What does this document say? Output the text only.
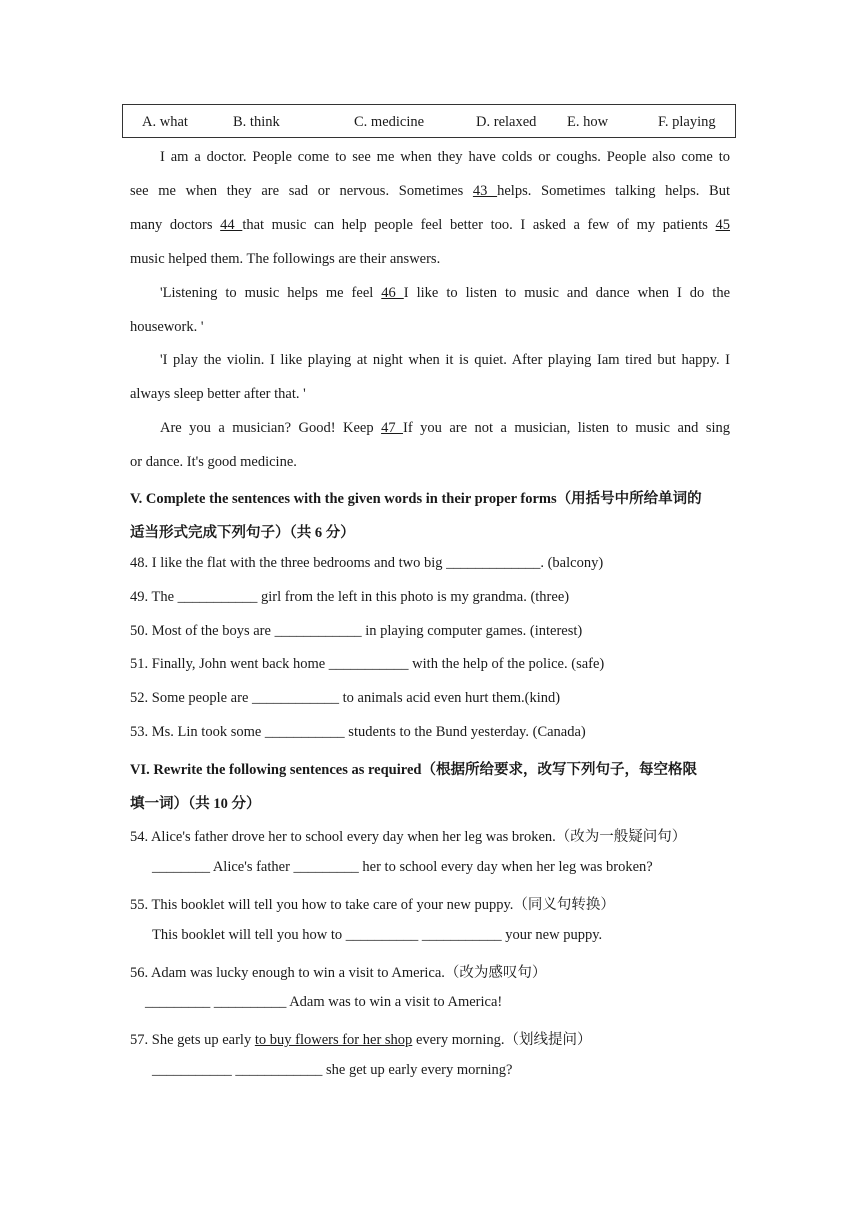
A. what	B. think	C. medicine	D. relaxed E. how	F. playing
I am a doctor. People come to see me when they have colds or coughs. People also come to
see me when they are sad or nervous. Sometimes 43 helps. Sometimes talking helps. But
many doctors 44 that music can help people feel better too. I asked a few of my patients 45
music helped them. The followings are their answers.
'Listening to music helps me feel 46 I like to listen to music and dance when I do the
housework. '
'I play the violin. I like playing at night when it is quiet. After playing Iam tired but happy. I
always sleep better after that. '
Are you a musician? Good! Keep 47 If you are not a musician, listen to music and sing
or dance. It's good medicine.
V. Complete the sentences with the given words in their proper forms（用括号中所给单词的
适当形式完成下列句子）（共 6 分）
48. I like the flat with the three bedrooms and two big _____________. (balcony)
49. The ___________ girl from the left in this photo is my grandma. (three)
50. Most of the boys are ____________ in playing computer games. (interest)
51. Finally, John went back home ___________ with the help of the police. (safe)
52. Some people are ____________ to animals acid even hurt them.(kind)
53. Ms. Lin took some ___________ students to the Bund yesterday. (Canada)
VI. Rewrite the following sentences as required（根据所给要求，改写下列句子，每空格限
填一词）（共 10 分）
54. Alice's father drove her to school every day when her leg was broken.（改为一般疑问句）
________ Alice's father _________ her to school every day when her leg was broken?
55. This booklet will tell you how to take care of your new puppy.（同义句转换）
This booklet will tell you how to __________ ___________ your new puppy.
56. Adam was lucky enough to win a visit to America.（改为感叹句）
_________ __________ Adam was to win a visit to America!
57. She gets up early to buy flowers for her shop every morning.（划线提问）
___________ ____________ she get up early every morning?
